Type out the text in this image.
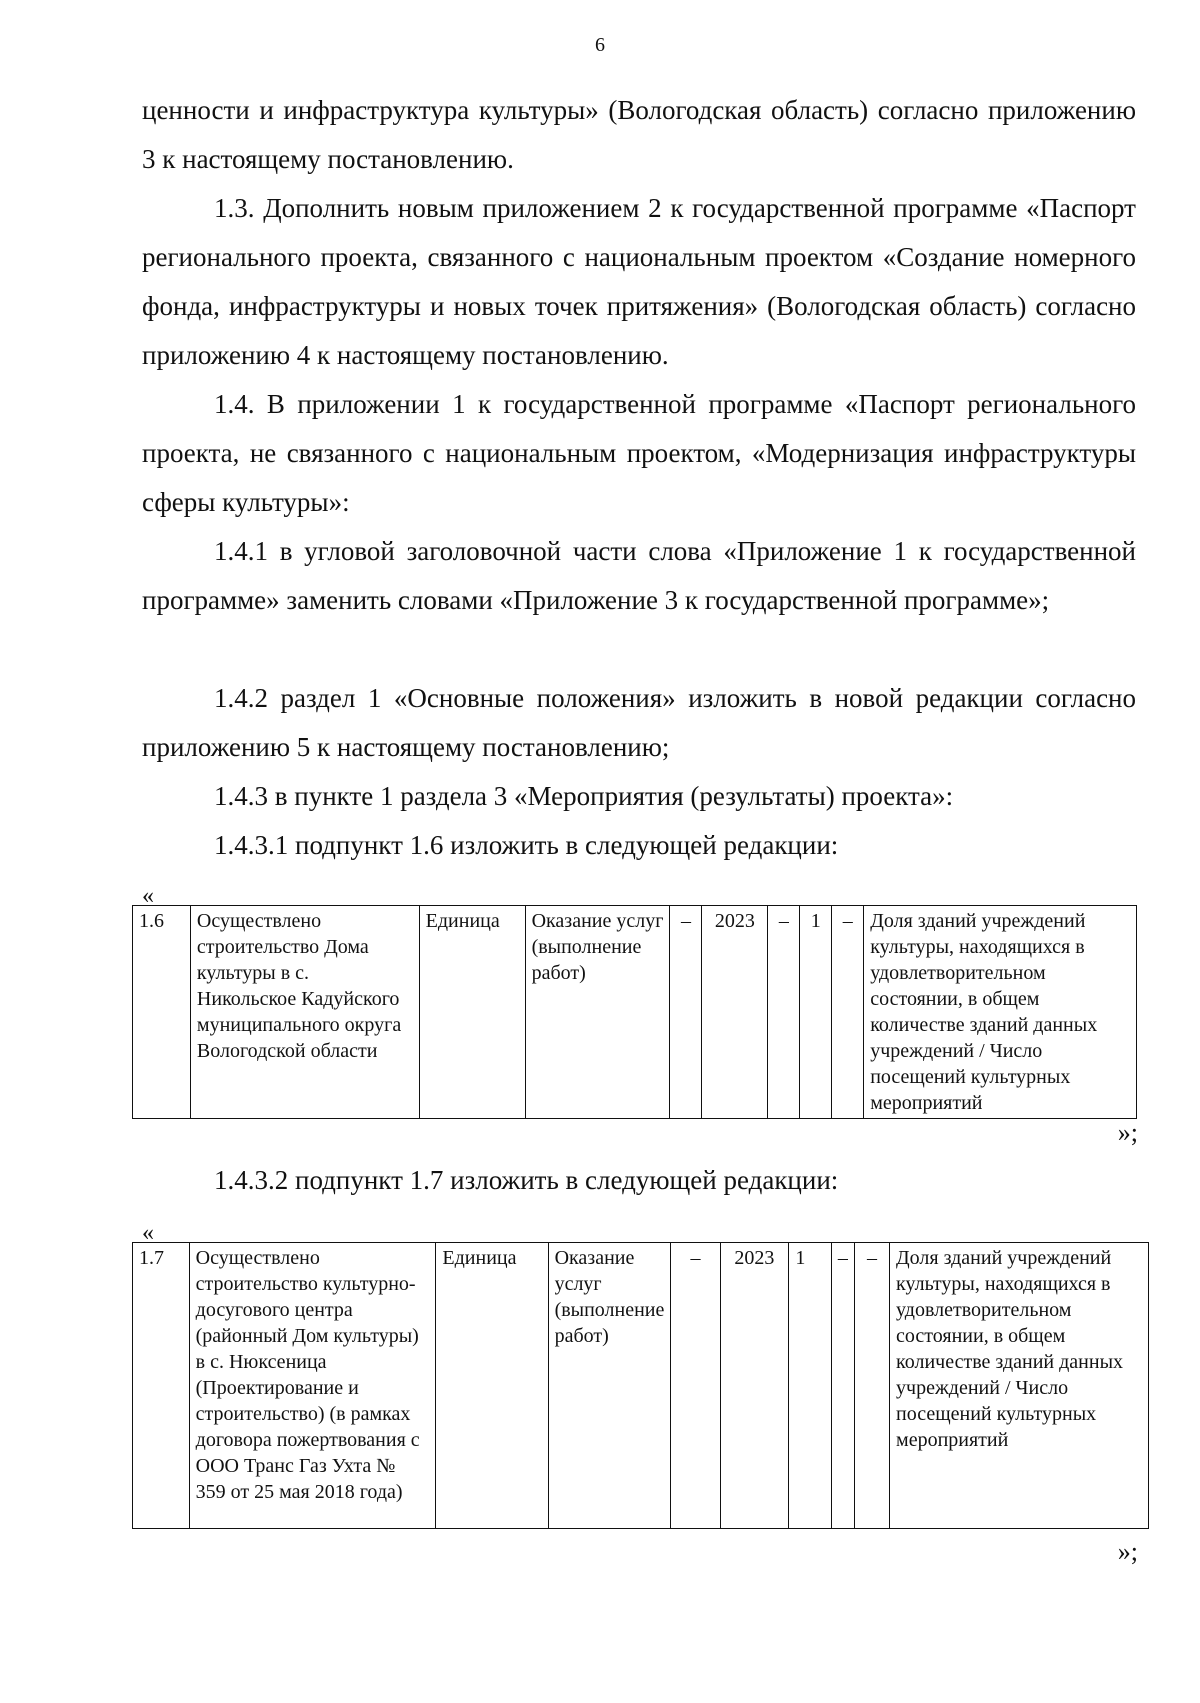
6

ценности и инфраструктура культуры» (Вологодская область) согласно приложению 3 к настоящему постановлению.

1.3. Дополнить новым приложением 2 к государственной программе «Паспорт регионального проекта, связанного с национальным проектом «Создание номерного фонда, инфраструктуры и новых точек притяжения» (Вологодская область) согласно приложению 4 к настоящему постановлению.

1.4. В приложении 1 к государственной программе «Паспорт регионального проекта, не связанного с национальным проектом, «Модернизация инфраструктуры сферы культуры»:

1.4.1 в угловой заголовочной части слова «Приложение 1 к государственной программе» заменить словами «Приложение 3 к государственной программе»;

1.4.2 раздел 1 «Основные положения» изложить в новой редакции согласно приложению 5 к настоящему постановлению;

1.4.3 в пункте 1 раздела 3 «Мероприятия (результаты) проекта»:

1.4.3.1 подпункт 1.6 изложить в следующей редакции:

«
1.6	Осуществлено строительство Дома культуры в с. Никольское Кадуйского муниципального округа Вологодской области	Единица	Оказание услуг (выполнение работ)	–	2023	–	1	–	Доля зданий учреждений культуры, находящихся в удовлетворительном состоянии, в общем количестве зданий данных учреждений / Число посещений культурных мероприятий
»;

1.4.3.2 подпункт 1.7 изложить в следующей редакции:

«
1.7	Осуществлено строительство культурно-досугового центра (районный Дом культуры) в с. Нюксеница (Проектирование и строительство) (в рамках договора пожертвования с ООО Транс Газ Ухта № 359 от 25 мая 2018 года)	Единица	Оказание услуг (выполнение работ)	–	2023	1	–	–	Доля зданий учреждений культуры, находящихся в удовлетворительном состоянии, в общем количестве зданий данных учреждений / Число посещений культурных мероприятий
»;
